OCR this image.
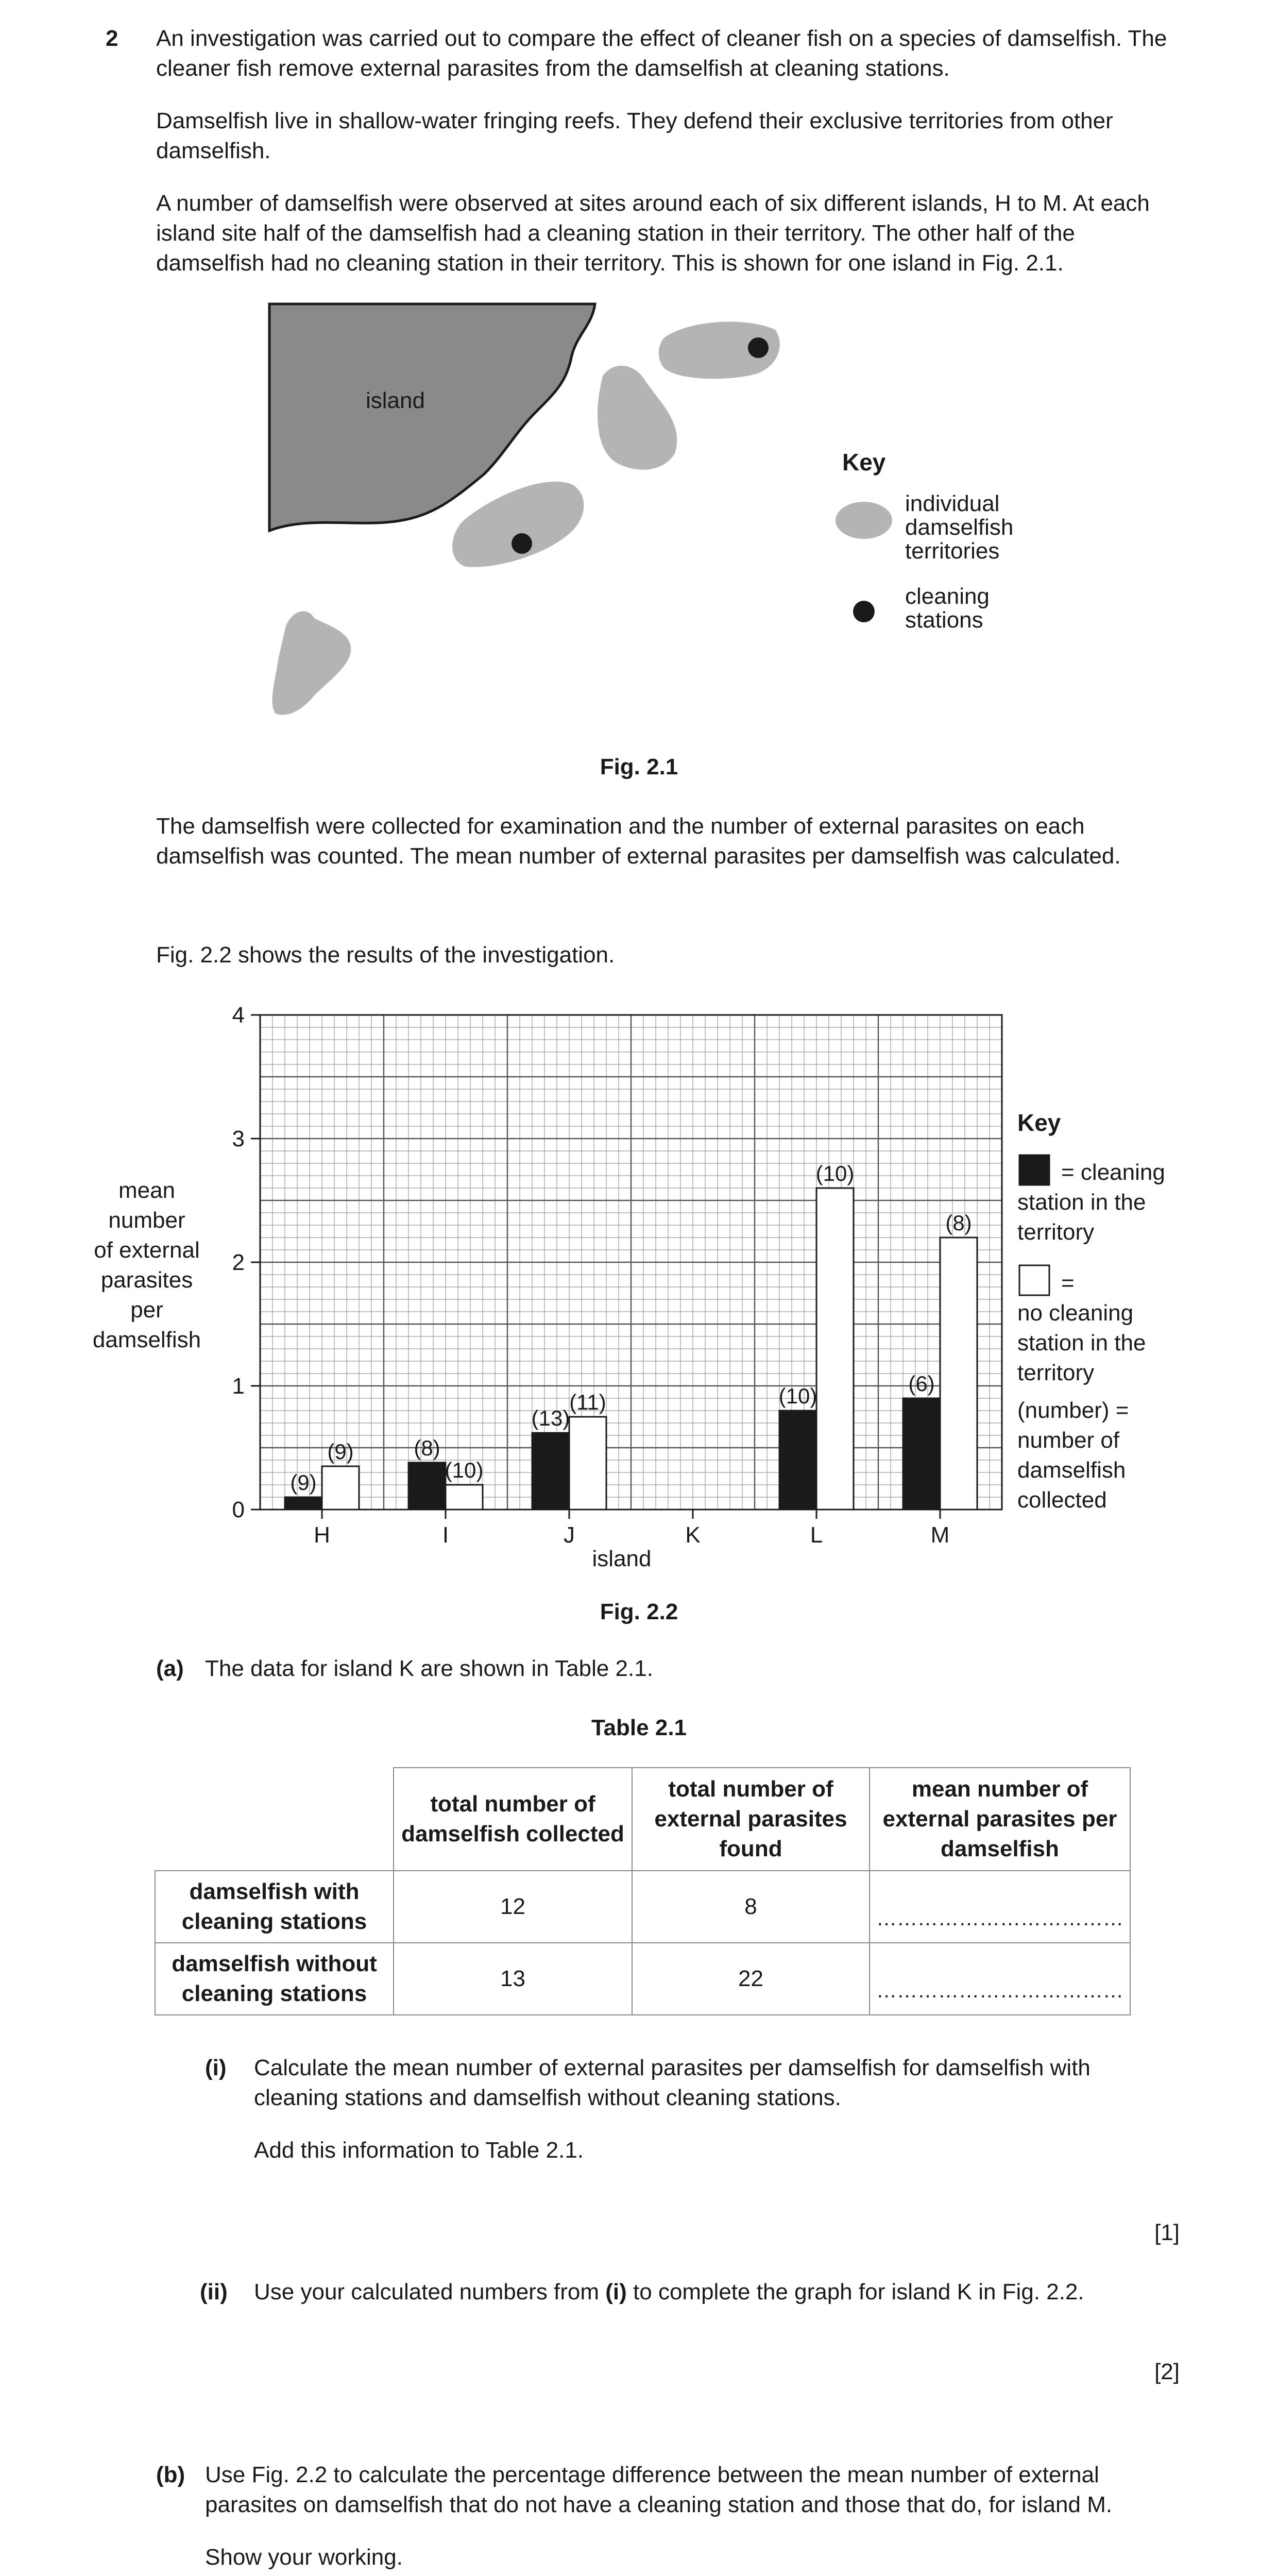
2 An investigation was carried out to compare the effect of cleaner fish on a species of damselfish. The cleaner fish remove external parasites from the damselfish at cleaning stations.

Damselfish live in shallow-water fringing reefs. They defend their exclusive territories from other damselfish.

A number of damselfish were observed at sites around each of six different islands, H to M. At each island site half of the damselfish had a cleaning station in their territory. The other half of the damselfish had no cleaning station in their territory. This is shown for one island in Fig. 2.1.

island
Key
individual
damselfish
territories
cleaning
stations
Fig. 2.1

The damselfish were collected for examination and the number of external parasites on each damselfish was counted. The mean number of external parasites per damselfish was calculated.

Fig. 2.2 shows the results of the investigation.

0
1
2
3
4
H	I	J	K	L	M
(9)
(9)	(8)
(10)
(13)
(11)	(10)
(10)
(6)
(8)
mean
number
of external
parasites
per
damselfish
island
Key
= cleaning
station in the
territory
=
no cleaning
station in the
territory
(number) =
number of
damselfish
collected
Fig. 2.2
(a) The data for island K are shown in Table 2.1.
Table 2.1
	total number of damselfish collected	total number of external parasites found	mean number of external parasites per damselfish
damselfish with cleaning stations	12	8	………………………………
damselfish without cleaning stations	13	22	………………………………
(i) Calculate the mean number of external parasites per damselfish for damselfish with cleaning stations and damselfish without cleaning stations.

Add this information to Table 2.1.

[1]
(ii) Use your calculated numbers from (i) to complete the graph for island K in Fig. 2.2.

[2]
(b) Use Fig. 2.2 to calculate the percentage difference between the mean number of external parasites on damselfish that do not have a cleaning station and those that do, for island M.

Show your working.
